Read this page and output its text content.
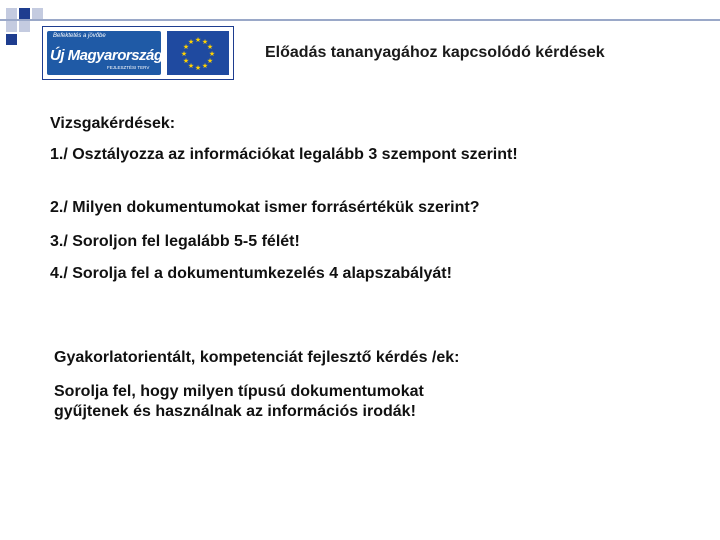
Befektetés a jövőbe
Új Magyarország
FEJLESZTÉSI TERV
★ ★
★
★
★
★
★
★
★
★
★
★
Előadás tananyagához kapcsolódó kérdések
Vizsgakérdések:
1./ Osztályozza az információkat legalább 3 szempont szerint!
2./ Milyen dokumentumokat ismer forrásértékük szerint?
3./ Soroljon fel legalább 5-5 félét!
4./ Sorolja fel a dokumentumkezelés 4 alapszabályát!
Gyakorlatorientált, kompetenciát fejlesztő kérdés /ek:
Sorolja fel, hogy milyen típusú dokumentumokat gyűjtenek és használnak az információs irodák!
